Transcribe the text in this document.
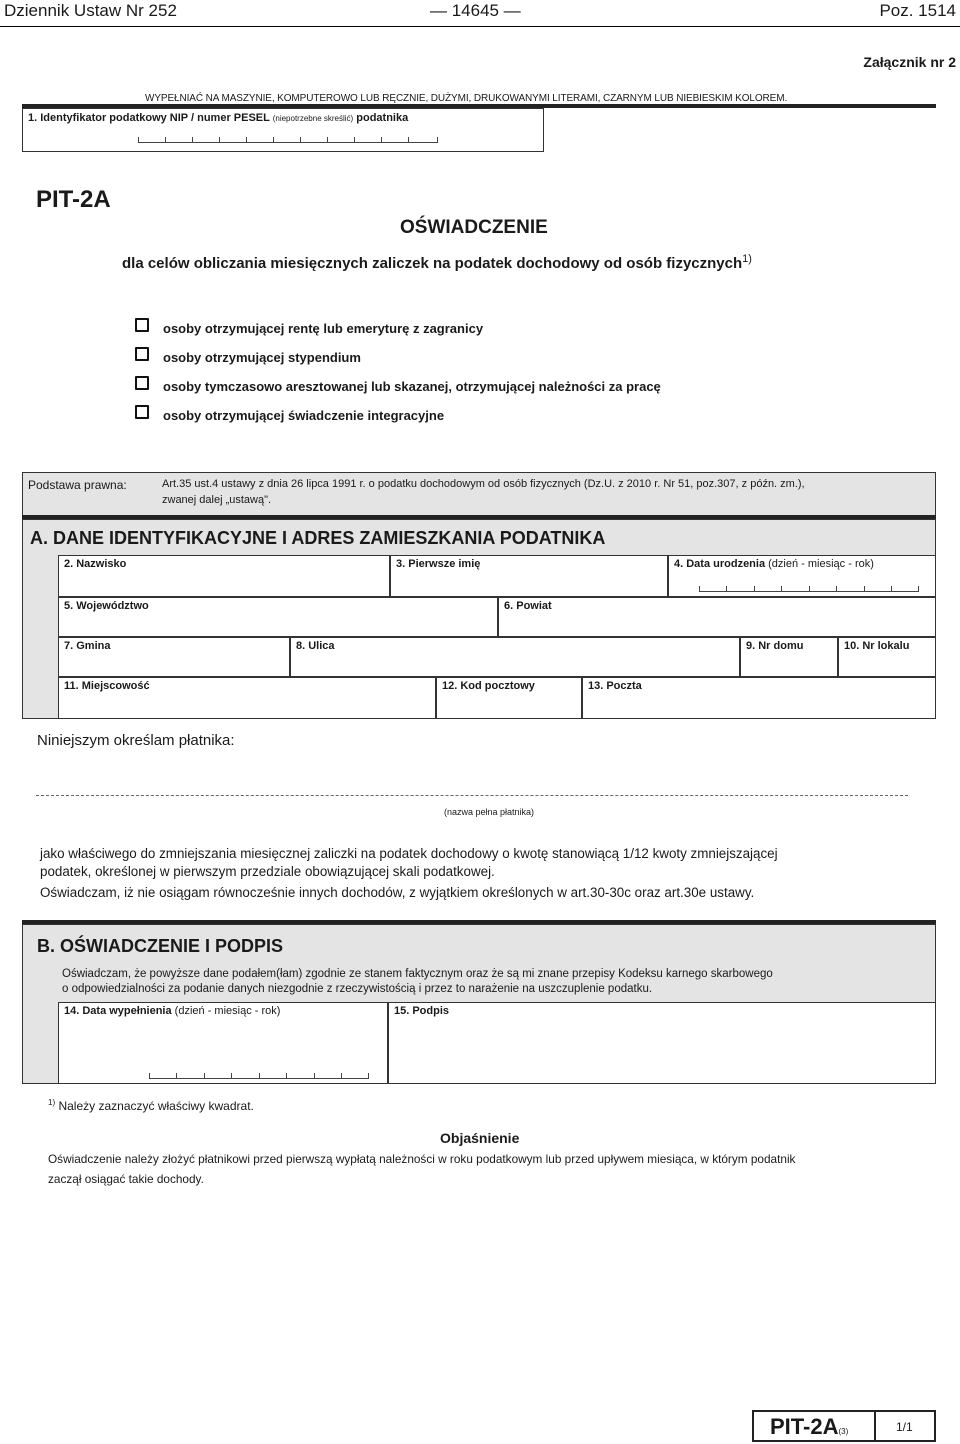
Dziennik Ustaw Nr 252	— 14645 —	Poz. 1514
Załącznik nr 2
WYPEŁNIAĆ NA MASZYNIE, KOMPUTEROWO LUB RĘCZNIE, DUŻYMI, DRUKOWANYMI LITERAMI, CZARNYM LUB NIEBIESKIM KOLOREM.
1. Identyfikator podatkowy NIP / numer PESEL (niepotrzebne skreślić) podatnika
PIT-2A
OŚWIADCZENIE
dla celów obliczania miesięcznych zaliczek na podatek dochodowy od osób fizycznych$^{1)}$
osoby otrzymującej rentę lub emeryturę z zagranicy
osoby otrzymującej stypendium
osoby tymczasowo aresztowanej lub skazanej, otrzymującej należności za pracę
osoby otrzymującej świadczenie integracyjne
Podstawa prawna:	Art.35 ust.4 ustawy z dnia 26 lipca 1991 r. o podatku dochodowym od osób fizycznych (Dz.U. z 2010 r. Nr 51, poz.307, z późn. zm.),
zwanej dalej „ustawą".
A. DANE IDENTYFIKACYJNE I ADRES ZAMIESZKANIA PODATNIKA
2. Nazwisko	3. Pierwsze imię	4. Data urodzenia (dzień - miesiąc - rok)
5. Województwo	6. Powiat
7. Gmina	8. Ulica	9. Nr domu	10. Nr lokalu
11. Miejscowość	12. Kod pocztowy	13. Poczta
Niniejszym określam płatnika:
(nazwa pełna płatnika)
jako właściwego do zmniejszania miesięcznej zaliczki na podatek dochodowy o kwotę stanowiącą 1/12 kwoty zmniejszającej
podatek, określonej w pierwszym przedziale obowiązującej skali podatkowej.
Oświadczam, iż nie osiągam równocześnie innych dochodów, z wyjątkiem określonych w art.30-30c oraz art.30e ustawy.
B. OŚWIADCZENIE I PODPIS
Oświadczam, że powyższe dane podałem(łam) zgodnie ze stanem faktycznym oraz że są mi znane przepisy Kodeksu karnego skarbowego
o odpowiedzialności za podanie danych niezgodnie z rzeczywistością i przez to narażenie na uszczuplenie podatku.
14. Data wypełnienia (dzień - miesiąc - rok)	15. Podpis
$^{1)}$ Należy zaznaczyć właściwy kwadrat.
Objaśnienie
Oświadczenie należy złożyć płatnikowi przed pierwszą wypłatą należności w roku podatkowym lub przed upływem miesiąca, w którym podatnik
zaczął osiągać takie dochody.
PIT-2A(3)	1/1
